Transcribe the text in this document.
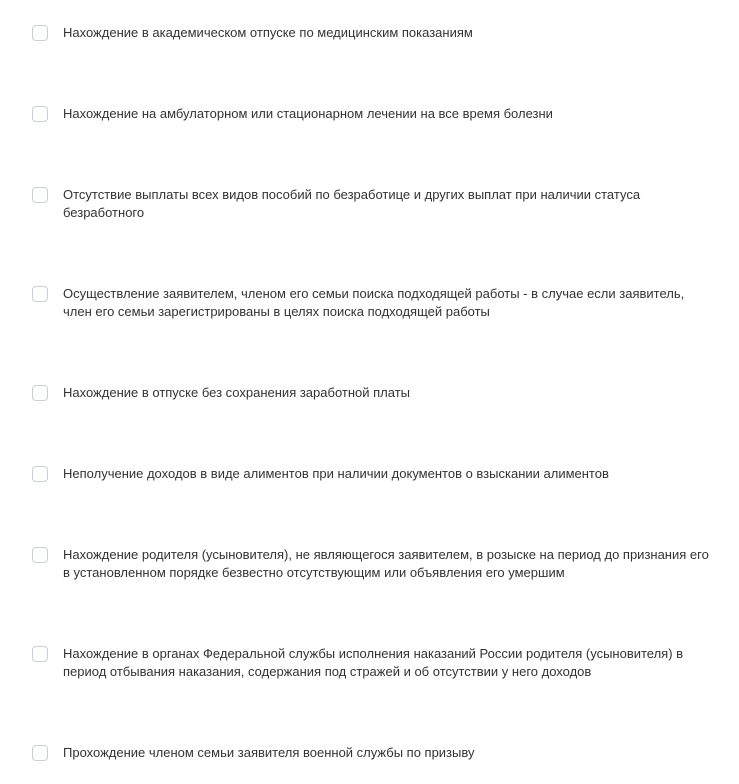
Нахождение в академическом отпуске по медицинским показаниям
Нахождение на амбулаторном или стационарном лечении на все время болезни
Отсутствие выплаты всех видов пособий по безработице и других выплат при наличии статуса безработного
Осуществление заявителем, членом его семьи поиска подходящей работы - в случае если заявитель, член его семьи зарегистрированы в целях поиска подходящей работы
Нахождение в отпуске без сохранения заработной платы
Неполучение доходов в виде алиментов при наличии документов о взыскании алиментов
Нахождение родителя (усыновителя), не являющегося заявителем, в розыске на период до признания его в установленном порядке безвестно отсутствующим или объявления его умершим
Нахождение в органах Федеральной службы исполнения наказаний России родителя (усыновителя) в период отбывания наказания, содержания под стражей и об отсутствии у него доходов
Прохождение членом семьи заявителя военной службы по призыву
